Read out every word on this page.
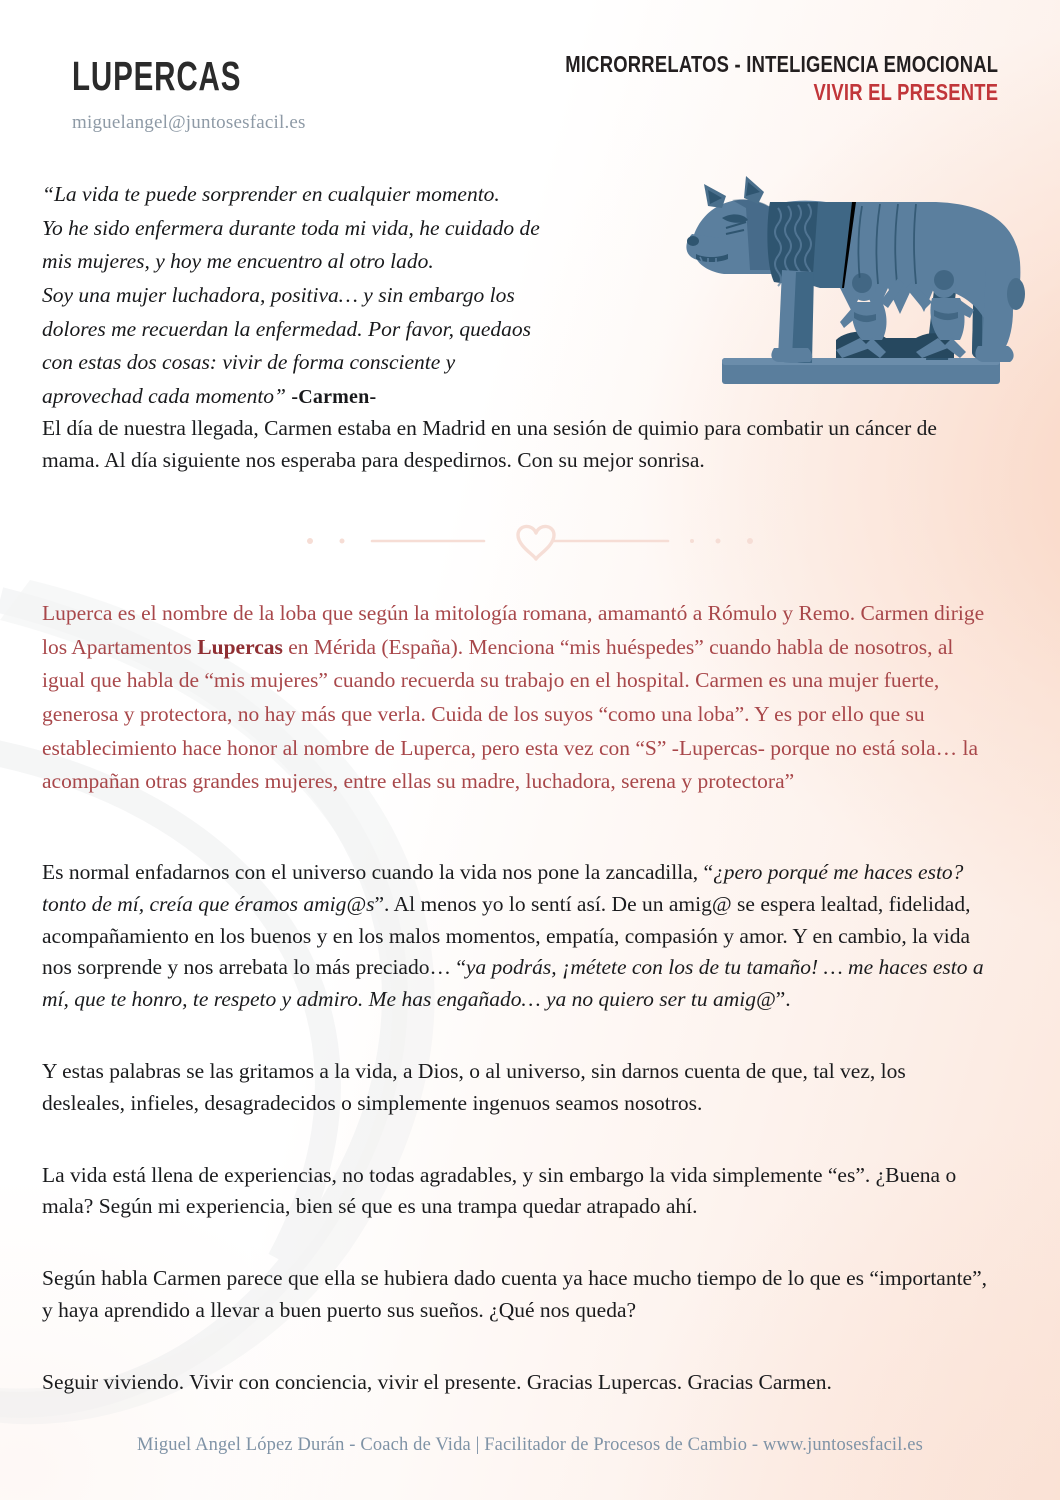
LUPERCAS
miguelangel@juntosesfacil.es
MICRORRELATOS - INTELIGENCIA EMOCIONAL
VIVIR EL PRESENTE
“La vida te puede sorprender en cualquier momento.
Yo he sido enfermera durante toda mi vida, he cuidado de
mis mujeres, y hoy me encuentro al otro lado.
Soy una mujer luchadora, positiva… y sin embargo los
dolores me recuerdan la enfermedad. Por favor, quedaos
con estas dos cosas: vivir de forma consciente y
aprovechad cada momento” -Carmen-

El día de nuestra llegada, Carmen estaba en Madrid en una sesión de quimio para combatir un cáncer de mama. Al día siguiente nos esperaba para despedirnos. Con su mejor sonrisa.

Luperca es el nombre de la loba que según la mitología romana, amamantó a Rómulo y Remo. Carmen dirige los Apartamentos Lupercas en Mérida (España). Menciona “mis huéspedes” cuando habla de nosotros, al igual que habla de “mis mujeres” cuando recuerda su trabajo en el hospital. Carmen es una mujer fuerte, generosa y protectora, no hay más que verla. Cuida de los suyos “como una loba”. Y es por ello que su establecimiento hace honor al nombre de Luperca, pero esta vez con “S” -Lupercas- porque no está sola… la acompañan otras grandes mujeres, entre ellas su madre, luchadora, serena y protectora”

Es normal enfadarnos con el universo cuando la vida nos pone la zancadilla, “¿pero porqué me haces esto? tonto de mí, creía que éramos amig@s”. Al menos yo lo sentí así. De un amig@ se espera lealtad, fidelidad, acompañamiento en los buenos y en los malos momentos, empatía, compasión y amor. Y en cambio, la vida nos sorprende y nos arrebata lo más preciado… “ya podrás, ¡métete con los de tu tamaño! … me haces esto a mí, que te honro, te respeto y admiro. Me has engañado… ya no quiero ser tu amig@”.

Y estas palabras se las gritamos a la vida, a Dios, o al universo, sin darnos cuenta de que, tal vez, los desleales, infieles, desagradecidos o simplemente ingenuos seamos nosotros.

La vida está llena de experiencias, no todas agradables, y sin embargo la vida simplemente “es”. ¿Buena o mala? Según mi experiencia, bien sé que es una trampa quedar atrapado ahí.

Según habla Carmen parece que ella se hubiera dado cuenta ya hace mucho tiempo de lo que es “importante”, y haya aprendido a llevar a buen puerto sus sueños. ¿Qué nos queda?

Seguir viviendo. Vivir con conciencia, vivir el presente. Gracias Lupercas. Gracias Carmen.

Miguel Angel López Durán - Coach de Vida | Facilitador de Procesos de Cambio - www.juntosesfacil.es
